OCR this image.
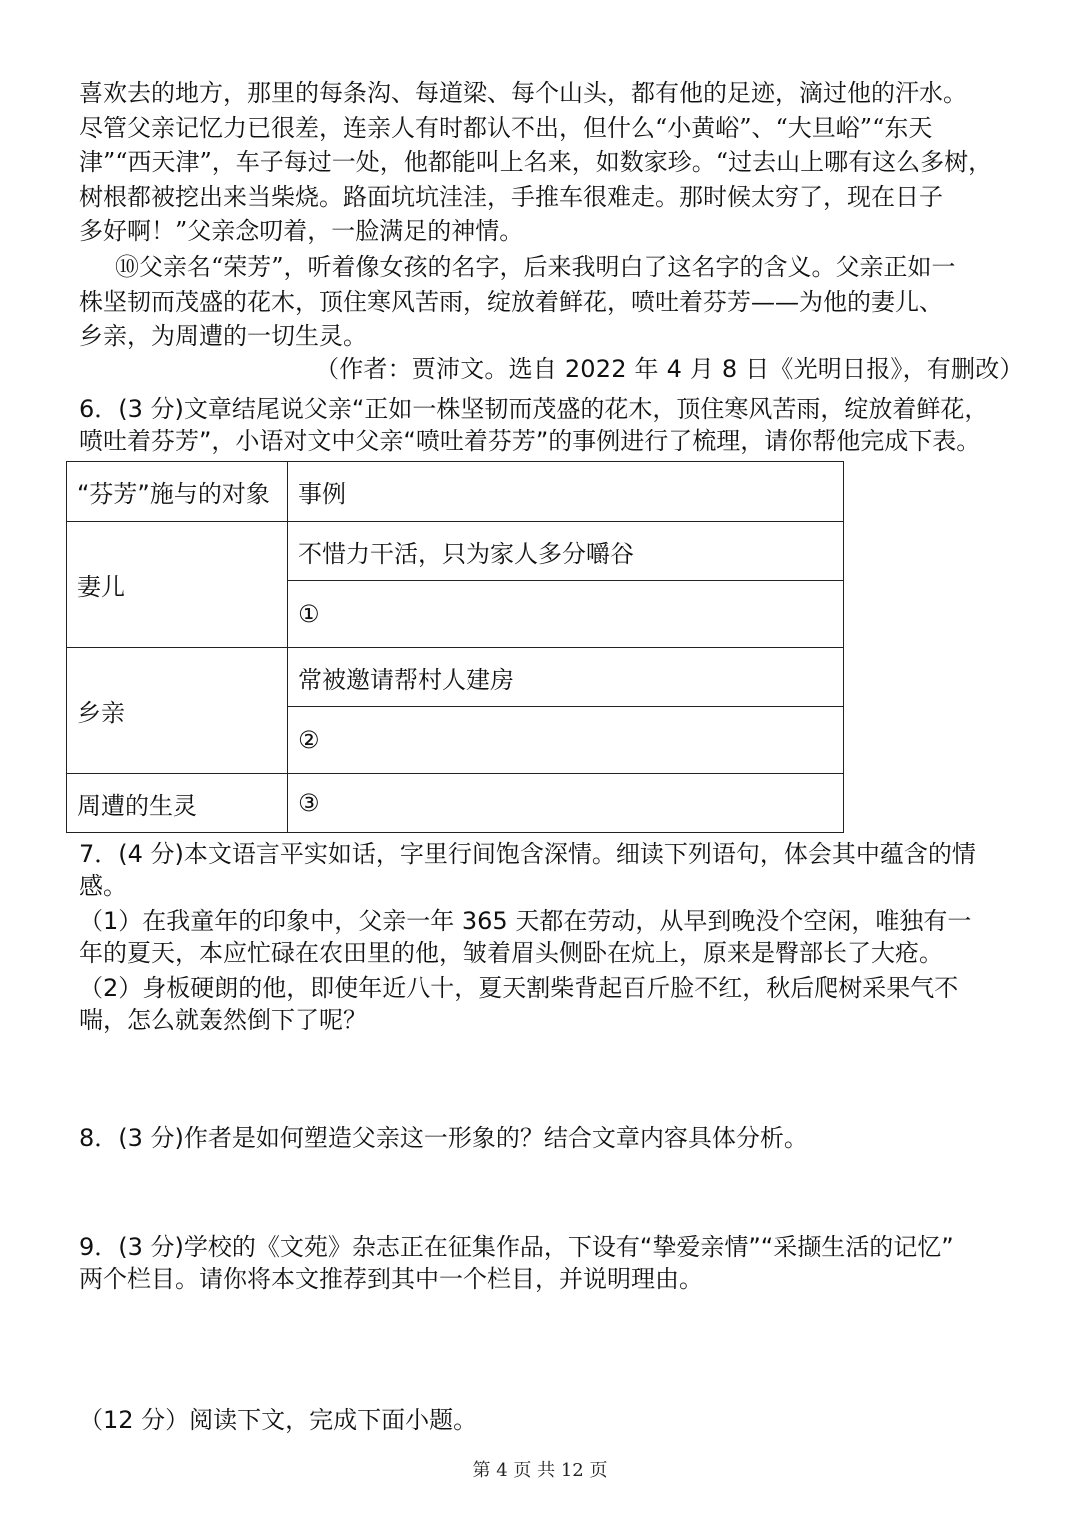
喜欢去的地方，那里的每条沟、每道梁、每个山头，都有他的足迹，滴过他的汗水。
尽管父亲记忆力已很差，连亲人有时都认不出，但什么“小黄峪”、“大旦峪”“东天
津”“西天津”，车子每过一处，他都能叫上名来，如数家珍。“过去山上哪有这么多树，
树根都被挖出来当柴烧。路面坑坑洼洼，手推车很难走。那时候太穷了，现在日子
多好啊！”父亲念叨着，一脸满足的神情。
⑩父亲名“荣芳”，听着像女孩的名字，后来我明白了这名字的含义。父亲正如一
株坚韧而茂盛的花木，顶住寒风苦雨，绽放着鲜花，喷吐着芬芳——为他的妻儿、
乡亲，为周遭的一切生灵。
（作者：贾沛文。选自 2022 年 4 月 8 日《光明日报》，有删改）
6．(3 分)文章结尾说父亲“正如一株坚韧而茂盛的花木，顶住寒风苦雨，绽放着鲜花，
喷吐着芬芳”，小语对文中父亲“喷吐着芬芳”的事例进行了梳理，请你帮他完成下表。
“芬芳”施与的对象	事例
妻儿	不惜力干活，只为家人多分嚼谷
	①
乡亲	常被邀请帮村人建房
	②
周遭的生灵	③
7．(4 分)本文语言平实如话，字里行间饱含深情。细读下列语句，体会其中蕴含的情
感。
（1）在我童年的印象中，父亲一年 365 天都在劳动，从早到晚没个空闲，唯独有一
年的夏天，本应忙碌在农田里的他，皱着眉头侧卧在炕上，原来是臀部长了大疮。
（2）身板硬朗的他，即使年近八十，夏天割柴背起百斤脸不红，秋后爬树采果气不
喘，怎么就轰然倒下了呢？
8．(3 分)作者是如何塑造父亲这一形象的？结合文章内容具体分析。
9．(3 分)学校的《文苑》杂志正在征集作品，下设有“挚爱亲情”“采撷生活的记忆”
两个栏目。请你将本文推荐到其中一个栏目，并说明理由。
（12 分）阅读下文，完成下面小题。
第 4 页 共 12 页
